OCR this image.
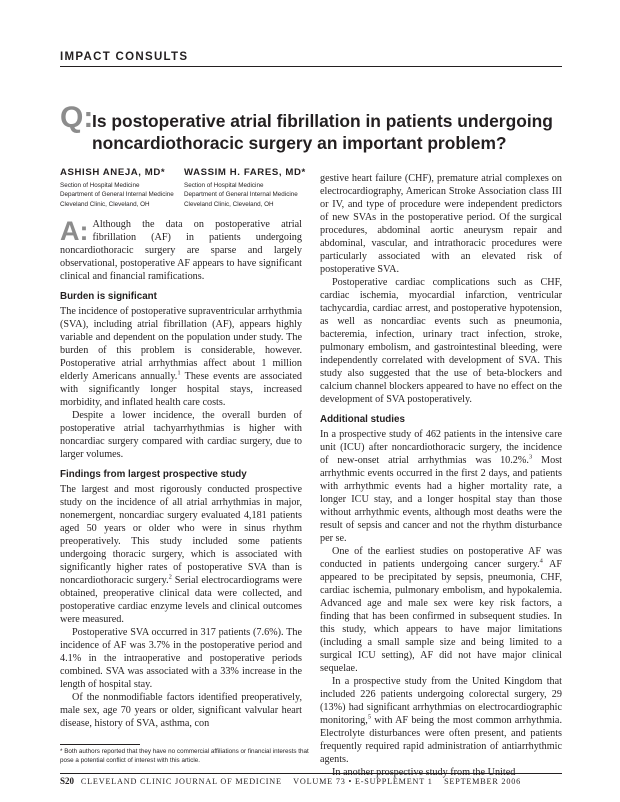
IMPACT CONSULTS
Q:
Is postoperative atrial fibrillation in patients undergoing
noncardiothoracic surgery an important problem?
ASHISH ANEJA, MD*
Section of Hospital Medicine
Department of General Internal Medicine
Cleveland Clinic, Cleveland, OH
WASSIM H. FARES, MD*
Section of Hospital Medicine
Department of General Internal Medicine
Cleveland Clinic, Cleveland, OH

A: Although the data on postoperative atrial fibrillation (AF) in patients undergoing noncardiothoracic surgery are sparse and largely observational, postoperative AF appears to have significant clinical and financial ramifications.

Burden is significant

The incidence of postoperative supraventricular arrhythmia (SVA), including atrial fibrillation (AF), appears highly variable and dependent on the population under study. The burden of this problem is considerable, however. Postoperative atrial arrhythmias affect about 1 million elderly Americans annually.$^1$ These events are associated with significantly longer hospital stays, increased morbidity, and inflated health care costs.

Despite a lower incidence, the overall burden of postoperative atrial tachyarrhythmias is higher with noncardiac surgery compared with cardiac surgery, due to larger volumes.

Findings from largest prospective study

The largest and most rigorously conducted prospective study on the incidence of all atrial arrhythmias in major, nonemergent, noncardiac surgery evaluated 4,181 patients aged 50 years or older who were in sinus rhythm preoperatively. This study included some patients undergoing thoracic surgery, which is associated with significantly higher rates of postoperative SVA than is noncardiothoracic surgery.$^2$ Serial electrocardiograms were obtained, preoperative clinical data were collected, and postoperative cardiac enzyme levels and clinical outcomes were measured.

Postoperative SVA occurred in 317 patients (7.6%). The incidence of AF was 3.7% in the postoperative period and 4.1% in the intraoperative and postoperative periods combined. SVA was associated with a 33% increase in the length of hospital stay.

Of the nonmodifiable factors identified preoperatively, male sex, age 70 years or older, significant valvular heart disease, history of SVA, asthma, con

gestive heart failure (CHF), premature atrial complexes on electrocardiography, American Stroke Association class III or IV, and type of procedure were independent predictors of new SVAs in the postoperative period. Of the surgical procedures, abdominal aortic aneurysm repair and abdominal, vascular, and intrathoracic procedures were particularly associated with an elevated risk of postoperative SVA.

Postoperative cardiac complications such as CHF, cardiac ischemia, myocardial infarction, ventricular tachycardia, cardiac arrest, and postoperative hypotension, as well as noncardiac events such as pneumonia, bacteremia, infection, urinary tract infection, stroke, pulmonary embolism, and gastrointestinal bleeding, were independently correlated with development of SVA. This study also suggested that the use of beta-blockers and calcium channel blockers appeared to have no effect on the development of SVA postoperatively.

Additional studies

In a prospective study of 462 patients in the intensive care unit (ICU) after noncardiothoracic surgery, the incidence of new-onset atrial arrhythmias was 10.2%.$^3$ Most arrhythmic events occurred in the first 2 days, and patients with arrhythmic events had a higher mortality rate, a longer ICU stay, and a longer hospital stay than those without arrhythmic events, although most deaths were the result of sepsis and cancer and not the rhythm disturbance per se.

One of the earliest studies on postoperative AF was conducted in patients undergoing cancer surgery.$^4$ AF appeared to be precipitated by sepsis, pneumonia, CHF, cardiac ischemia, pulmonary embolism, and hypokalemia. Advanced age and male sex were key risk factors, a finding that has been confirmed in subsequent studies. In this study, which appears to have major limitations (including a small sample size and being limited to a surgical ICU setting), AF did not have major clinical sequelae.

In a prospective study from the United Kingdom that included 226 patients undergoing colorectal surgery, 29 (13%) had significant arrhythmias on electrocardiographic monitoring,$^5$ with AF being the most common arrhythmia. Electrolyte disturbances were often present, and patients frequently required rapid administration of antiarrhythmic agents.

In another prospective study from the United

* Both authors reported that they have no commercial affiliations or financial interests that pose a potential conflict of interest with this article.
S20 CLEVELAND CLINIC JOURNAL OF MEDICINE VOLUME 73 • E-SUPPLEMENT 1 SEPTEMBER 2006
